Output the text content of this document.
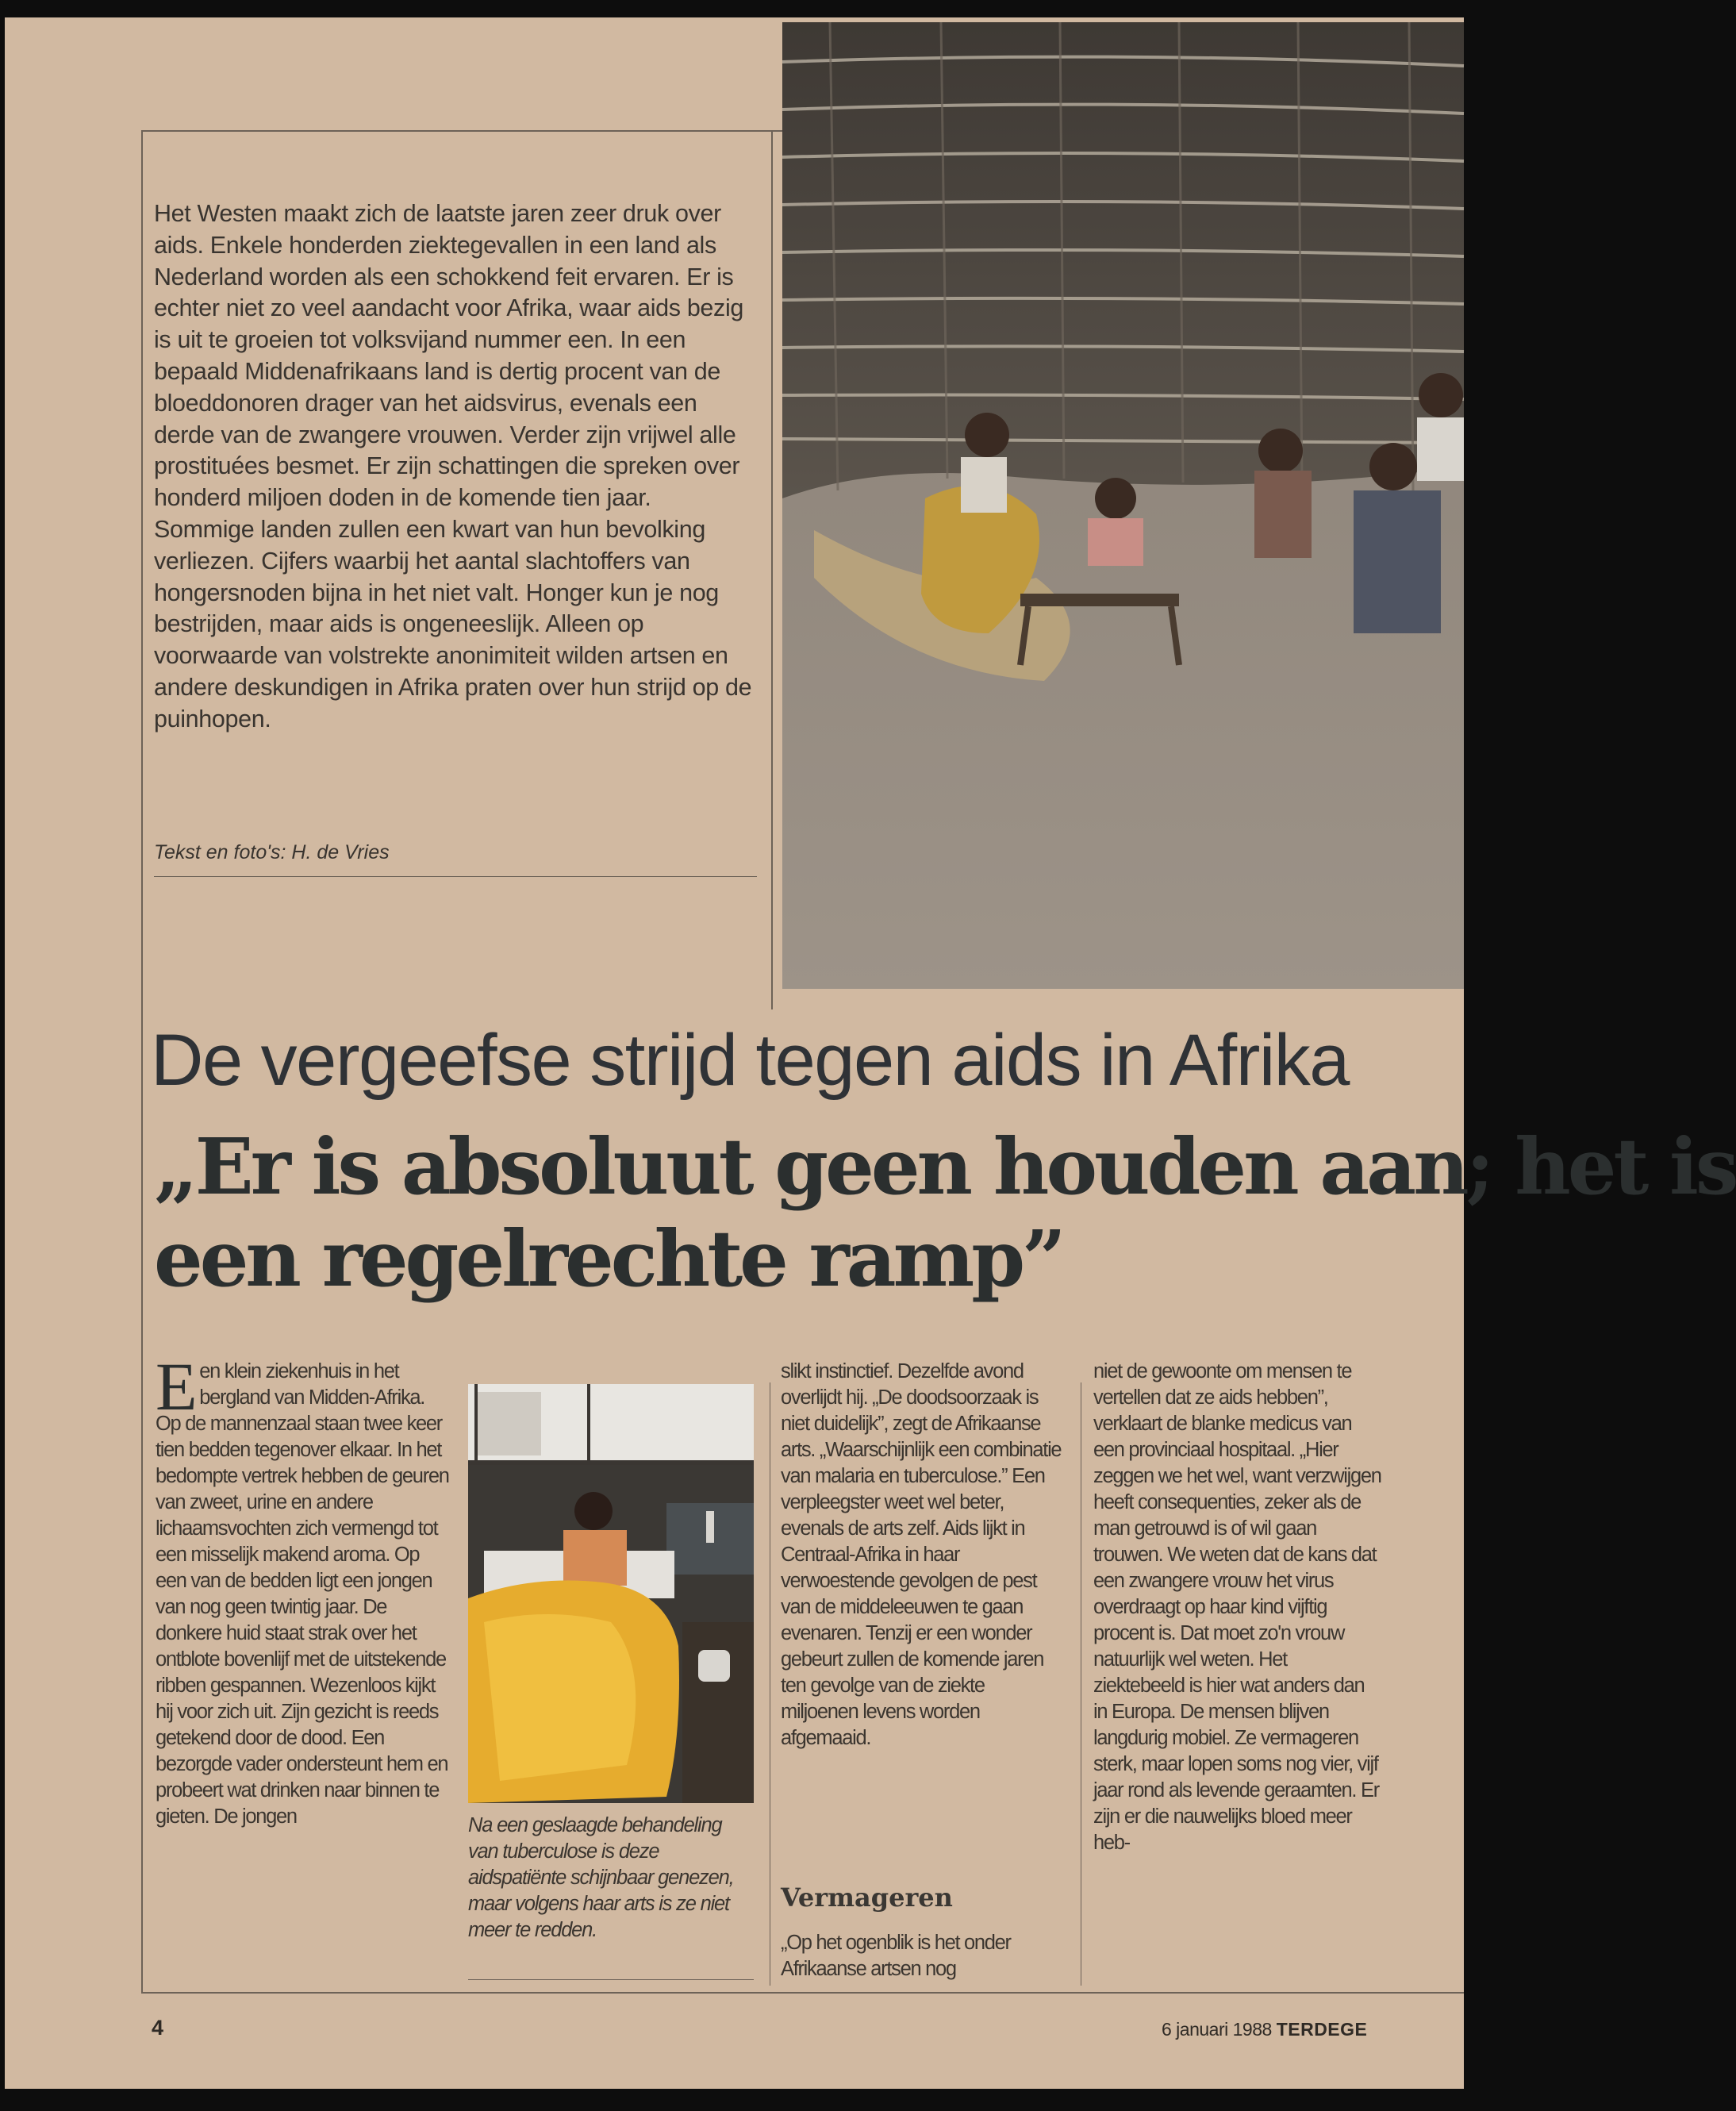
Het Westen maakt zich de laatste jaren zeer druk over aids. Enkele honderden ziektegevallen in een land als Nederland worden als een schokkend feit ervaren. Er is echter niet zo veel aandacht voor Afrika, waar aids bezig is uit te groeien tot volksvijand nummer een. In een bepaald Middenafrikaans land is dertig procent van de bloeddonoren drager van het aidsvirus, evenals een derde van de zwangere vrouwen. Verder zijn vrijwel alle prostituées besmet. Er zijn schattingen die spreken over honderd miljoen doden in de komende tien jaar. Sommige landen zullen een kwart van hun bevolking verliezen. Cijfers waarbij het aantal slachtoffers van hongersnoden bijna in het niet valt. Honger kun je nog bestrijden, maar aids is ongeneeslijk. Alleen op voorwaarde van volstrekte anonimiteit wilden artsen en andere deskundigen in Afrika praten over hun strijd op de puinhopen.

Tekst en foto's: H. de Vries

De vergeefse strijd tegen aids in Afrika
„Er is absoluut geen houden aan; het is
een regelrechte ramp”

Een klein ziekenhuis in het bergland van Midden-Afrika. Op de mannenzaal staan twee keer tien bedden tegenover elkaar. In het bedompte vertrek hebben de geuren van zweet, urine en andere lichaamsvochten zich vermengd tot een misselijk makend aroma. Op een van de bedden ligt een jongen van nog geen twintig jaar. De donkere huid staat strak over het ontblote bovenlijf met de uitstekende ribben gespannen. Wezenloos kijkt hij voor zich uit. Zijn gezicht is reeds getekend door de dood. Een bezorgde vader ondersteunt hem en probeert wat drinken naar binnen te gieten. De jongen	Na een geslaagde behandeling van tuberculose is deze aidspatiënte schijnbaar genezen, maar volgens haar arts is ze niet meer te redden.

slikt instinctief. Dezelfde avond overlijdt hij. „De doodsoorzaak is niet duidelijk”, zegt de Afrikaanse arts. „Waarschijnlijk een combinatie van malaria en tuberculose.” Een verpleegster weet wel beter, evenals de arts zelf. Aids lijkt in Centraal-Afrika in haar verwoestende gevolgen de pest van de middeleeuwen te gaan evenaren. Tenzij er een wonder gebeurt zullen de komende jaren ten gevolge van de ziekte miljoenen levens worden afgemaaid.

Vermageren

„Op het ogenblik is het onder Afrikaanse artsen nog

niet de gewoonte om mensen te vertellen dat ze aids hebben”, verklaart de blanke medicus van een provinciaal hospitaal. „Hier zeggen we het wel, want verzwijgen heeft consequenties, zeker als de man getrouwd is of wil gaan trouwen. We weten dat de kans dat een zwangere vrouw het virus overdraagt op haar kind vijftig procent is. Dat moet zo'n vrouw natuurlijk wel weten. Het ziektebeeld is hier wat anders dan in Europa. De mensen blijven langdurig mobiel. Ze vermageren sterk, maar lopen soms nog vier, vijf jaar rond als levende geraamten. Er zijn er die nauwelijks bloed meer heb-

4	6 januari 1988 TERDEGE
